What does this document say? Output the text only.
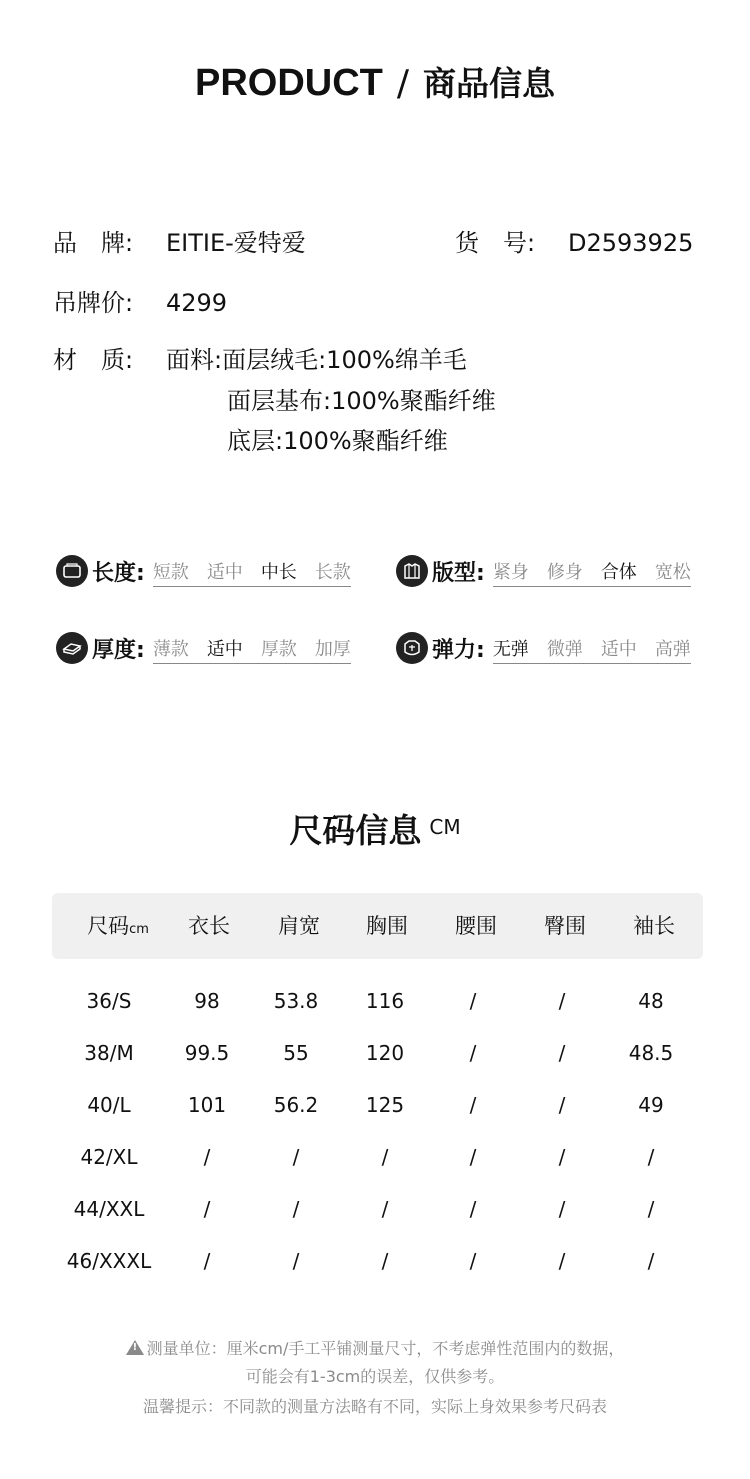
PRODUCT / 商品信息
品　牌: EITIE-爱特爱	货　号: D2593925
吊牌价: 4299
材　质: 面料:面层绒毛:100%绵羊毛
面层基布:100%聚酯纤维
底层:100%聚酯纤维
长度: 短款 适中 中长 长款	版型: 紧身 修身 合体 宽松
厚度: 薄款 适中 厚款 加厚	弹力: 无弹 微弹 适中 高弹
尺码信息 CM
尺码cm	衣长	肩宽	胸围	腰围	臀围	袖长
36/S	98	53.8	116	/	/	48
38/M	99.5	55	120	/	/	48.5
40/L	101	56.2	125	/	/	49
42/XL	/	/	/	/	/	/
44/XXL	/	/	/	/	/	/
46/XXXL	/	/	/	/	/	/
! 测量单位：厘米cm/手工平铺测量尺寸，不考虑弹性范围内的数据，
可能会有1-3cm的误差，仅供参考。
温馨提示：不同款的测量方法略有不同，实际上身效果参考尺码表
